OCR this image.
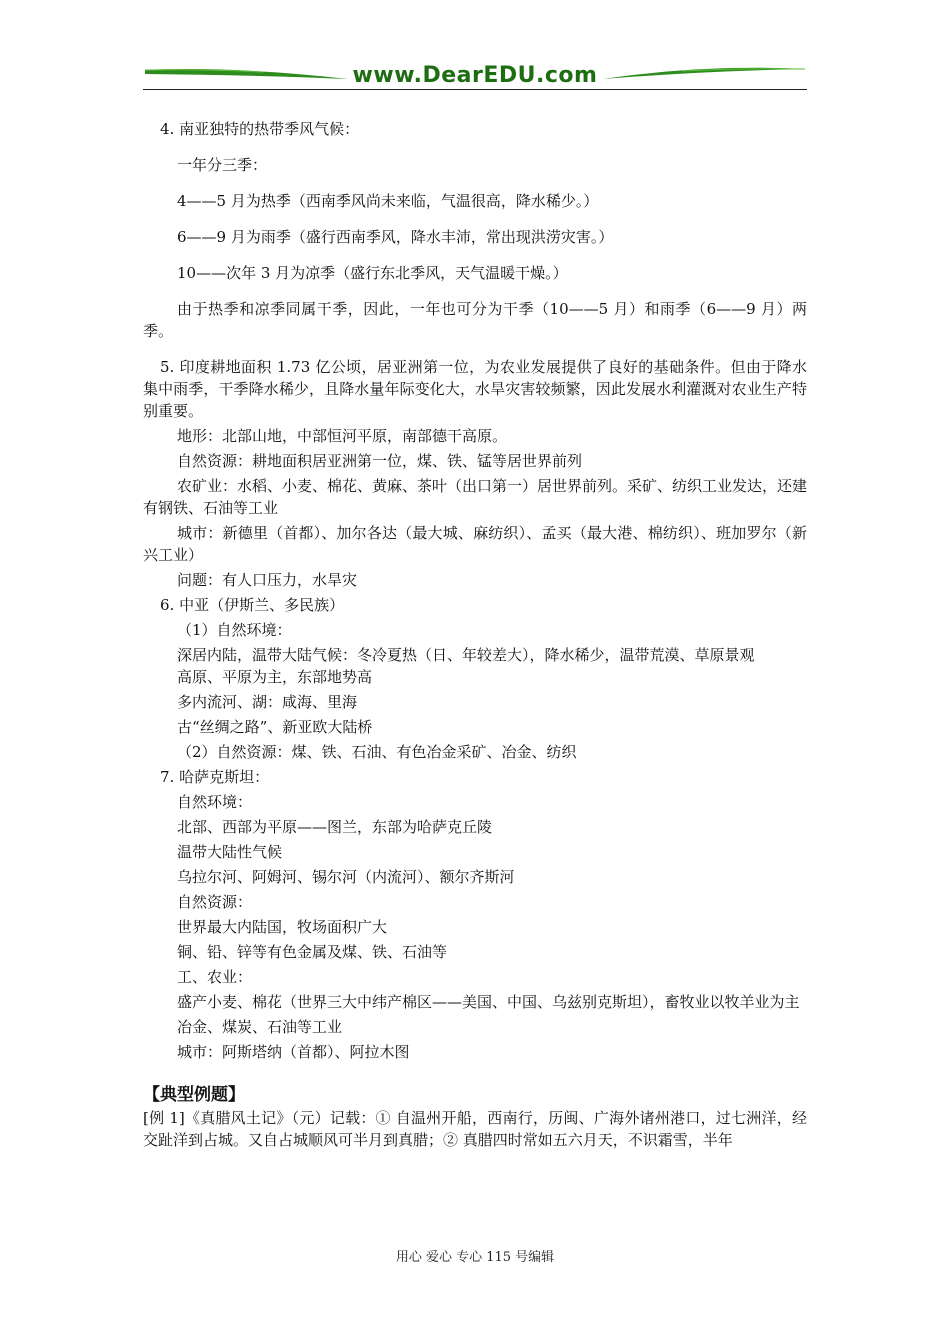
www.DearEDU.com
4. 南亚独特的热带季风气候：
一年分三季：
4——5 月为热季（西南季风尚未来临，气温很高，降水稀少。）
6——9 月为雨季（盛行西南季风，降水丰沛，常出现洪涝灾害。）
10——次年 3 月为凉季（盛行东北季风，天气温暖干燥。）
由于热季和凉季同属干季，因此，一年也可分为干季（10——5 月）和雨季（6——9 月）两季。
5. 印度耕地面积 1.73 亿公顷，居亚洲第一位，为农业发展提供了良好的基础条件。但由于降水集中雨季，干季降水稀少，且降水量年际变化大，水旱灾害较频繁，因此发展水利灌溉对农业生产特别重要。
地形：北部山地，中部恒河平原，南部德干高原。
自然资源：耕地面积居亚洲第一位，煤、铁、锰等居世界前列
农矿业：水稻、小麦、棉花、黄麻、茶叶（出口第一）居世界前列。采矿、纺织工业发达，还建有钢铁、石油等工业
城市：新德里（首都）、加尔各达（最大城、麻纺织）、孟买（最大港、棉纺织）、班加罗尔（新兴工业）
问题：有人口压力，水旱灾
6. 中亚（伊斯兰、多民族）
（1）自然环境：
深居内陆，温带大陆气候：冬冷夏热（日、年较差大），降水稀少，温带荒漠、草原景观
高原、平原为主，东部地势高
多内流河、湖：咸海、里海
古“丝绸之路”、新亚欧大陆桥
（2）自然资源：煤、铁、石油、有色冶金采矿、冶金、纺织
7. 哈萨克斯坦：
自然环境：
北部、西部为平原——图兰，东部为哈萨克丘陵
温带大陆性气候
乌拉尔河、阿姆河、锡尔河（内流河）、额尔齐斯河
自然资源：
世界最大内陆国，牧场面积广大
铜、铅、锌等有色金属及煤、铁、石油等
工、农业：
盛产小麦、棉花（世界三大中纬产棉区——美国、中国、乌兹别克斯坦），畜牧业以牧羊业为主
冶金、煤炭、石油等工业
城市：阿斯塔纳（首都）、阿拉木图
【典型例题】
[例 1]《真腊风土记》（元）记载：① 自温州开船，西南行，历闽、广海外诸州港口，过七洲洋，经交趾洋到占城。又自占城顺风可半月到真腊；② 真腊四时常如五六月天，不识霜雪，半年
用心 爱心 专心 115 号编辑
